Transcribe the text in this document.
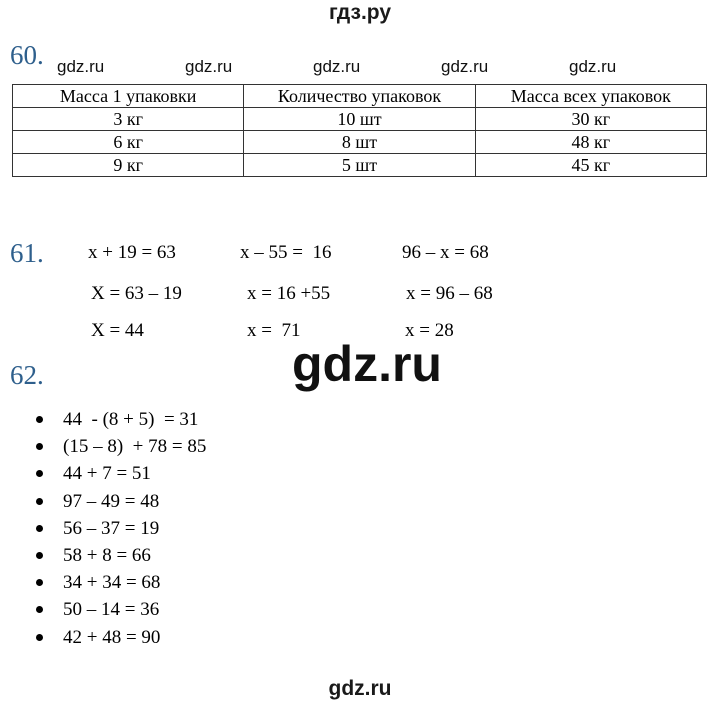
гдз.ру
60. gdz.ru	gdz.ru	gdz.ru	gdz.ru	gdz.ru
Масса 1 упаковки	Количество упаковок	Масса всех упаковок
3 кг	10 шт	30 кг
6 кг	8 шт	48 кг
9 кг	5 шт	45 кг
61. x + 19 = 63
X = 63 – 19
X = 44
x – 55 =  16
x = 16 +55
x =  71
96 – x = 68
x = 96 – 68
x = 28
gdz.ru
62.
44  - (8 + 5)  = 31
(15 – 8)  + 78 = 85
44 + 7 = 51
97 – 49 = 48
56 – 37 = 19
58 + 8 = 66
34 + 34 = 68
50 – 14 = 36
42 + 48 = 90
gdz.ru
